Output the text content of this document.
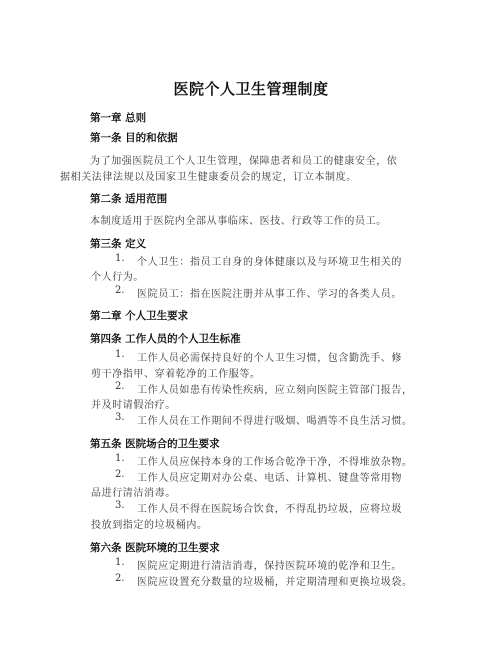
医院个人卫生管理制度
第一章 总则
第一条 目的和依据
为了加强医院员工个人卫生管理，保障患者和员工的健康安全，依
据相关法律法规以及国家卫生健康委员会的规定，订立本制度。
第二条 适用范围
本制度适用于医院内全部从事临床、医技、行政等工作的员工。
第三条 定义
1. 个人卫生：指员工自身的身体健康以及与环境卫生相关的
个人行为。
2. 医院员工：指在医院注册并从事工作、学习的各类人员。
第二章 个人卫生要求
第四条 工作人员的个人卫生标准
1. 工作人员必需保持良好的个人卫生习惯，包含勤洗手、修
剪干净指甲、穿着乾净的工作服等。
2. 工作人员如患有传染性疾病，应立刻向医院主管部门报告，
并及时请假治疗。
3. 工作人员在工作期间不得进行吸烟、喝酒等不良生活习惯。
第五条 医院场合的卫生要求
1. 工作人员应保持本身的工作场合乾净干净，不得堆放杂物。
2. 工作人员应定期对办公桌、电话、计算机、键盘等常用物
品进行清洁消毒。
3. 工作人员不得在医院场合饮食，不得乱扔垃圾，应将垃圾
投放到指定的垃圾桶内。
第六条 医院环境的卫生要求
1. 医院应定期进行清洁消毒，保持医院环境的乾净和卫生。
2. 医院应设置充分数量的垃圾桶，并定期清理和更换垃圾袋。
